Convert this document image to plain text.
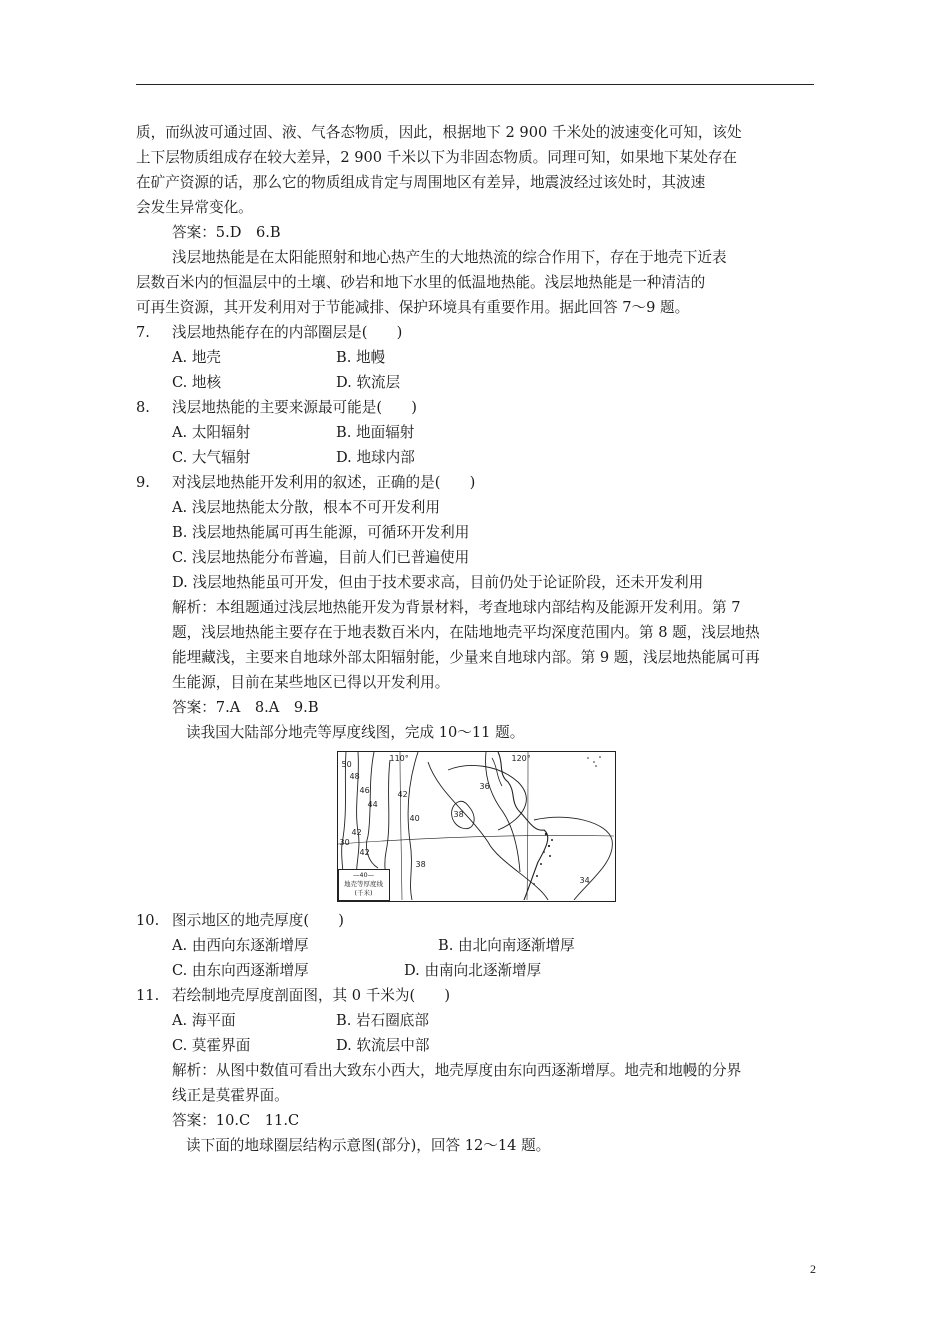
质，而纵波可通过固、液、气各态物质，因此，根据地下 2 900 千米处的波速变化可知，该处

上下层物质组成存在较大差异，2 900 千米以下为非固态物质。同理可知，如果地下某处存在

在矿产资源的话，那么它的物质组成肯定与周围地区有差异，地震波经过该处时，其波速

会发生异常变化。

答案：5.D　6.B

浅层地热能是在太阳能照射和地心热产生的大地热流的综合作用下，存在于地壳下近表

层数百米内的恒温层中的土壤、砂岩和地下水里的低温地热能。浅层地热能是一种清洁的

可再生资源，其开发利用对于节能减排、保护环境具有重要作用。据此回答 7～9 题。

7.	浅层地热能存在的内部圈层是(　　)
A. 地壳	B. 地幔
C. 地核	D. 软流层
8.	浅层地热能的主要来源最可能是(　　)
A. 太阳辐射	B. 地面辐射
C. 大气辐射	D. 地球内部
9.	对浅层地热能开发利用的叙述，正确的是(　　)
A. 浅层地热能太分散，根本不可开发利用
B. 浅层地热能属可再生能源，可循环开发利用
C. 浅层地热能分布普遍，目前人们已普遍使用
D. 浅层地热能虽可开发，但由于技术要求高，目前仍处于论证阶段，还未开发利用

解析：本组题通过浅层地热能开发为背景材料，考查地球内部结构及能源开发利用。第 7

题，浅层地热能主要存在于地表数百米内，在陆地地壳平均深度范围内。第 8 题，浅层地热

能埋藏浅，主要来自地球外部太阳辐射能，少量来自地球内部。第 9 题，浅层地热能属可再

生能源，目前在某些地区已得以开发利用。

答案：7.A　8.A　9.B

读我国大陆部分地壳等厚度线图，完成 10～11 题。

110°	120°
50
48
46
44
42
40	38
36
42
30
42
38
34
—40—
地壳等厚度线
(千米)
10. 图示地区的地壳厚度(　　)
A. 由西向东逐渐增厚	B. 由北向南逐渐增厚
C. 由东向西逐渐增厚	D. 由南向北逐渐增厚
11. 若绘制地壳厚度剖面图，其 0 千米为(　　)
A. 海平面	B. 岩石圈底部
C. 莫霍界面	D. 软流层中部

解析：从图中数值可看出大致东小西大，地壳厚度由东向西逐渐增厚。地壳和地幔的分界

线正是莫霍界面。

答案：10.C　11.C

读下面的地球圈层结构示意图(部分)，回答 12～14 题。

2
